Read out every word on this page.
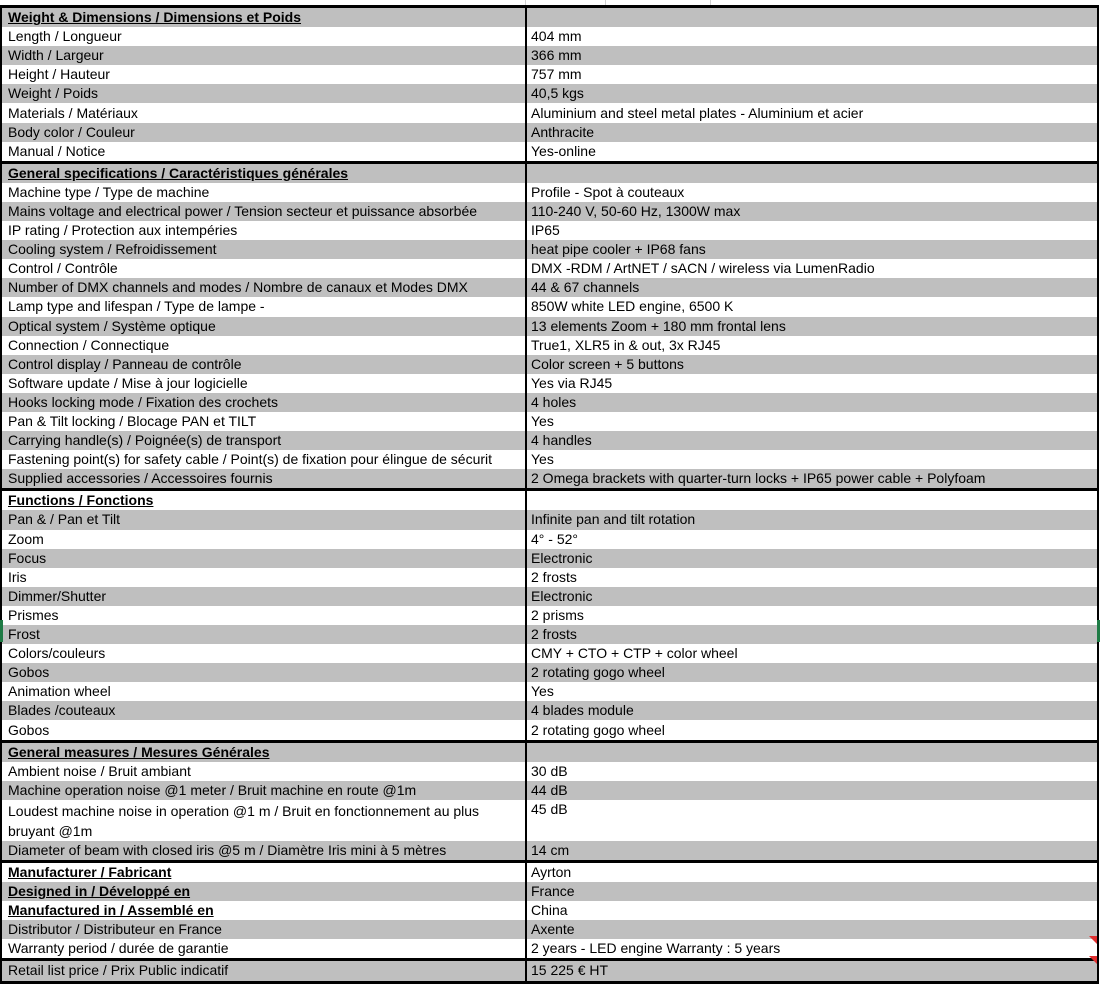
Weight & Dimensions / Dimensions et Poids	
Length / Longueur	404 mm
Width / Largeur	366 mm
Height / Hauteur	757 mm
Weight / Poids	40,5 kgs
Materials / Matériaux	Aluminium and steel metal plates - Aluminium et acier
Body color / Couleur	Anthracite
Manual / Notice	Yes-online
General specifications / Caractéristiques générales	
Machine type / Type de machine	Profile - Spot à couteaux
Mains voltage and electrical power / Tension secteur et puissance absorbée	110-240 V, 50-60 Hz, 1300W max
IP rating / Protection aux intempéries	IP65
Cooling system / Refroidissement	heat pipe cooler + IP68 fans
Control / Contrôle	DMX -RDM / ArtNET / sACN / wireless via LumenRadio
Number of DMX channels and modes / Nombre de canaux et Modes DMX	44 & 67 channels
Lamp type and lifespan / Type de lampe -	850W white LED engine, 6500 K
Optical system / Système optique	13 elements Zoom + 180 mm frontal lens
Connection / Connectique	True1, XLR5 in & out, 3x RJ45
Control display / Panneau de contrôle	Color screen + 5 buttons
Software update / Mise à jour logicielle	Yes via RJ45
Hooks locking mode / Fixation des crochets	4 holes
Pan & Tilt locking / Blocage PAN et TILT	Yes
Carrying handle(s) / Poignée(s) de transport	4 handles
Fastening point(s) for safety cable / Point(s) de fixation pour élingue de sécurit	Yes
Supplied accessories / Accessoires fournis	2 Omega brackets with quarter-turn locks + IP65 power cable + Polyfoam
Functions / Fonctions	
Pan & / Pan et Tilt	Infinite pan and tilt rotation
Zoom	4° - 52°
Focus	Electronic
Iris	2 frosts
Dimmer/Shutter	Electronic
Prismes	2 prisms
Frost	2 frosts
Colors/couleurs	CMY + CTO + CTP + color wheel
Gobos	2 rotating gogo wheel
Animation wheel	Yes
Blades /couteaux	4 blades module
Gobos	2 rotating gogo wheel
General measures / Mesures Générales	
Ambient noise / Bruit ambiant	30 dB
Machine operation noise @1 meter / Bruit machine en route @1m	44 dB
Loudest machine noise in operation @1 m / Bruit en fonctionnement au plus bruyant @1m	45 dB
Diameter of beam with closed iris @5 m / Diamètre Iris mini à 5 mètres	14 cm
Manufacturer / Fabricant	Ayrton
Designed in / Développé en	France
Manufactured in / Assemblé en	China
Distributor / Distributeur en France	Axente
Warranty period / durée de garantie	2 years - LED engine Warranty : 5 years
Retail list price / Prix Public indicatif	15 225 € HT
